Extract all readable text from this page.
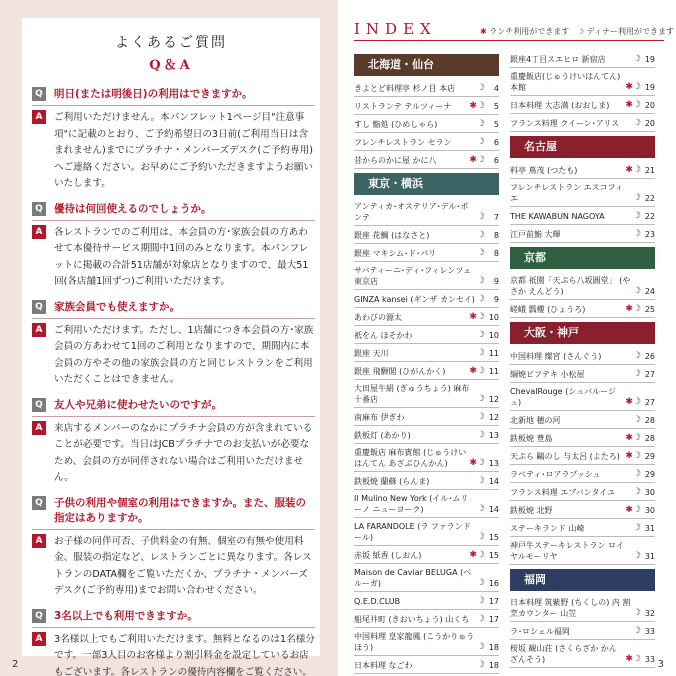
よくあるご質問
Q＆A
Q	明日(または明後日)の利用はできますか。
A	ご利用いただけません。本パンフレット1ページ目"注意事項"に記載のとおり、ご予約希望日の3日前(ご利用当日は含まれません)までにプラチナ・メンバーズデスク(ご予約専用)へご連絡ください。お早めにご予約いただきますようお願いいたします。
Q	優待は何回使えるのでしょうか。
A	各レストランでのご利用は、本会員の方･家族会員の方あわせて本優待サービス期間中1回のみとなります。本パンフレットに掲載の合計51店舗が対象店となりますので、最大51回(各店舗1回ずつ)ご利用いただけます。
Q	家族会員でも使えますか。
A	ご利用いただけます。ただし、1店舗につき本会員の方･家族会員の方あわせて1回のご利用となりますので、期間内に本会員の方やその他の家族会員の方と同じレストランをご利用いただくことはできません。
Q	友人や兄弟に使わせたいのですが。
A	来店するメンバーのなかにプラチナ会員の方が含まれていることが必要です。当日はJCBプラチナでのお支払いが必要なため、会員の方が同伴されない場合はご利用いただけません。
Q	子供の利用や個室の利用はできますか。また、服装の指定はありますか。
A	お子様の同伴可否、子供料金の有無、個室の有無や使用料金、服装の指定など、レストランごとに異なります。各レストランのDATA欄をご覧いただくか、プラチナ・メンバーズデスク(ご予約専用)までお問い合わせください。
Q	3名以上でも利用できますか。
A	3名様以上でもご利用いただけます。無料となるのは1名様分です。一部3人目のお客様より割引料金を設定しているお店もございます。各レストランの優待内容欄をご覧ください。
2
INDEX	✱ ランチ利用ができます ☽ ディナー利用ができます
北海道・仙台
きよとど料理亭 杉ノ目 本店	☽	4
リストランテ テルツィーナ	✱☽	5
すし 鮨処 (ひめしゃら)	☽	5
フレンチレストラン セラン	☽	6
昔からのかに屋 かに八	✱☽	6
東京・横浜
アンティカ･オステリア･デル･ポンテ	☽	7
銀座 花鯛 (はなさと)	☽	8
銀座 マキシム･ド･パリ	☽	8
サバティーニ･ディ･フィレンツェ 東京店	☽	9
GINZA kansei (ギンザ カンセイ) ☽	9
あわびの源太	✱☽ 10
祇をん ほそかわ	☽ 10
銀座 天川	☽ 11
銀座 飛騨閣 (ひがんかく)	✱☽ 11
大田屋牛絹 (ぎゅうちょう) 麻布十番店	☽ 12
南麻布 伊ぎわ	☽ 12
鉄板灯 (あかり)	☽ 13
重慶飯店 麻布賓館 (じゅうけいはんてん あざぶひんかん)	✱☽ 13
鉄板焼 蘭蘇 (らんま)	☽ 14
Il Mulino New York (イル･ムリーノ ニューヨーク)	☽ 14
LA FARANDOLE (ラ ファランドール)	☽ 15
赤坂 紙香 (しおん)	✱☽ 15
Maison de Caviar BELUGA (ベルーガ)	☽ 16
Q.E.D.CLUB	☽ 17
船尾井町 (きおいちょう) 山くち ☽ 17
中国料理 皇家龍鳳 (こうかりゅうほう)	☽ 18
日本料理 なごわ	☽ 18
銀座4丁目スエヒロ 新宿店	☽ 19
重慶飯店(じゅうけいはんてん)本館	✱☽ 19
日本料理 大志満 (おおしま)	✱☽ 20
フランス料理 クイーン･アリス	☽ 20
名古屋
料亭 蔦茂 (つたも)	✱☽ 21
フレンチレストラン エスコフィエ	☽ 22
THE KAWABUN NAGOYA	☽ 22
江戸前鮨 大輝	☽ 23
京都
京都 祇園「天ぷら八坂圓堂」 (やさか えんどう)	☽ 24
嵯峨 瓢樓 (ひょうろ)	✱☽ 25
大阪・神戸
中国料理 燦宮 (さんぐう)	☽ 26
綱焼ビフテキ 小松屋	☽ 27
ChevalRouge (シュバルージュ)	✱☽ 27
北新地 穂の河	☽ 28
鉄板焼 豊島	✱☽ 28
天ぷら 鷗のし 与太呂 (よたろ) ✱☽ 29
ラベティ･ロアラプッシュ	☽ 29
フランス料理 エブバンタイユ	☽ 30
鉄板焼 北野	✱☽ 30
ステーキランド 山崎	☽ 31
神戸牛ステーキレストラン ロイヤルモーリヤ	☽ 31
福岡
日本料理 筑紫野 (ちくしの) 内 割烹カウンター 山笠	☽ 32
ラ･ロシェル福岡	☽ 33
桜坂 観山荘 (さくらざか かんざんそう)	✱☽ 33 3
